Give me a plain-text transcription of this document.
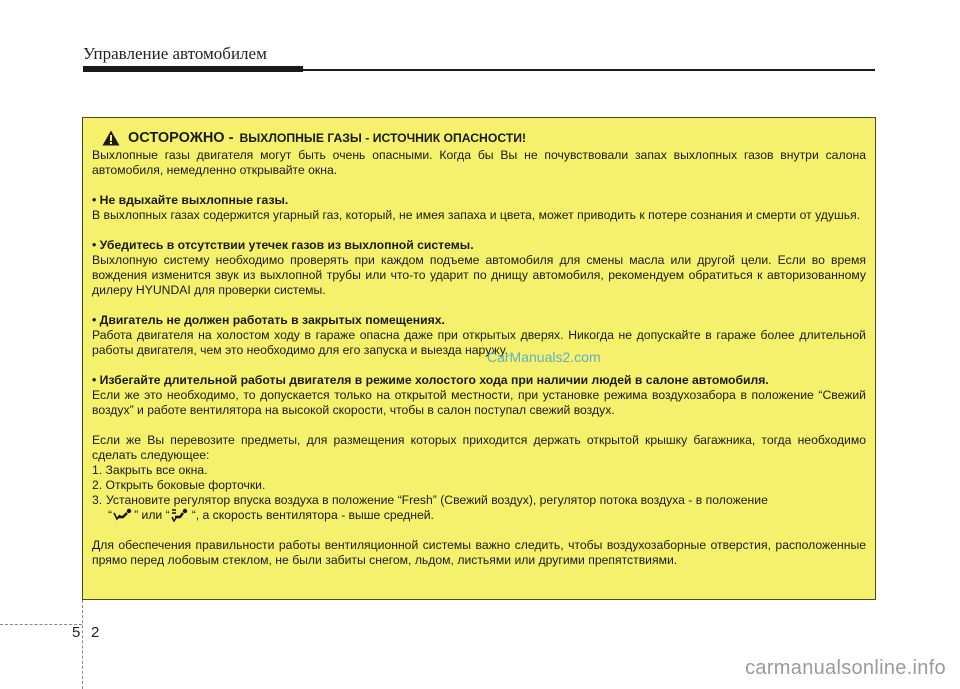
Управление автомобилем
ОСТОРОЖНО - ВЫХЛОПНЫЕ ГАЗЫ - ИСТОЧНИК ОПАСНОСТИ!

Выхлопные газы двигателя могут быть очень опасными. Когда бы Вы не почувствовали запах выхлопных газов внутри салона автомобиля, немедленно открывайте окна.

• Не вдыхайте выхлопные газы.

В выхлопных газах содержится угарный газ, который, не имея запаха и цвета, может приводить к потере сознания и смерти от удушья.

• Убедитесь в отсутствии утечек газов из выхлопной системы.

Выхлопную систему необходимо проверять при каждом подъеме автомобиля для смены масла или другой цели. Если во время вождения изменится звук из выхлопной трубы или что-то ударит по днищу автомобиля, рекомендуем обратиться к авторизованному дилеру HYUNDAI для проверки системы.

• Двигатель не должен работать в закрытых помещениях.

Работа двигателя на холостом ходу в гараже опасна даже при открытых дверях. Никогда не допускайте в гараже более длительной работы двигателя, чем это необходимо для его запуска и выезда наружу.

• Избегайте длительной работы двигателя в режиме холостого хода при наличии людей в салоне автомобиля.

Если же это необходимо, то допускается только на открытой местности, при установке режима воздухозабора в положение “Свежий воздух” и работе вентилятора на высокой скорости, чтобы в салон поступал свежий воздух.

Если же Вы перевозите предметы, для размещения которых приходится держать открытой крышку багажника, тогда необходимо сделать следующее:

1. Закрыть все окна.
2. Открыть боковые форточки.
3. Установите регулятор впуска воздуха в положение “Fresh” (Свежий воздух), регулятор потока воздуха - в положение
“ ” или “ “, а скорость вентилятора - выше средней.

Для обеспечения правильности работы вентиляционной системы важно следить, чтобы воздухозаборные отверстия, расположенные прямо перед лобовым стеклом, не были забиты снегом, льдом, листьями или другими препятствиями.

CarManuals2.com
5 2
carmanualsonline.info
